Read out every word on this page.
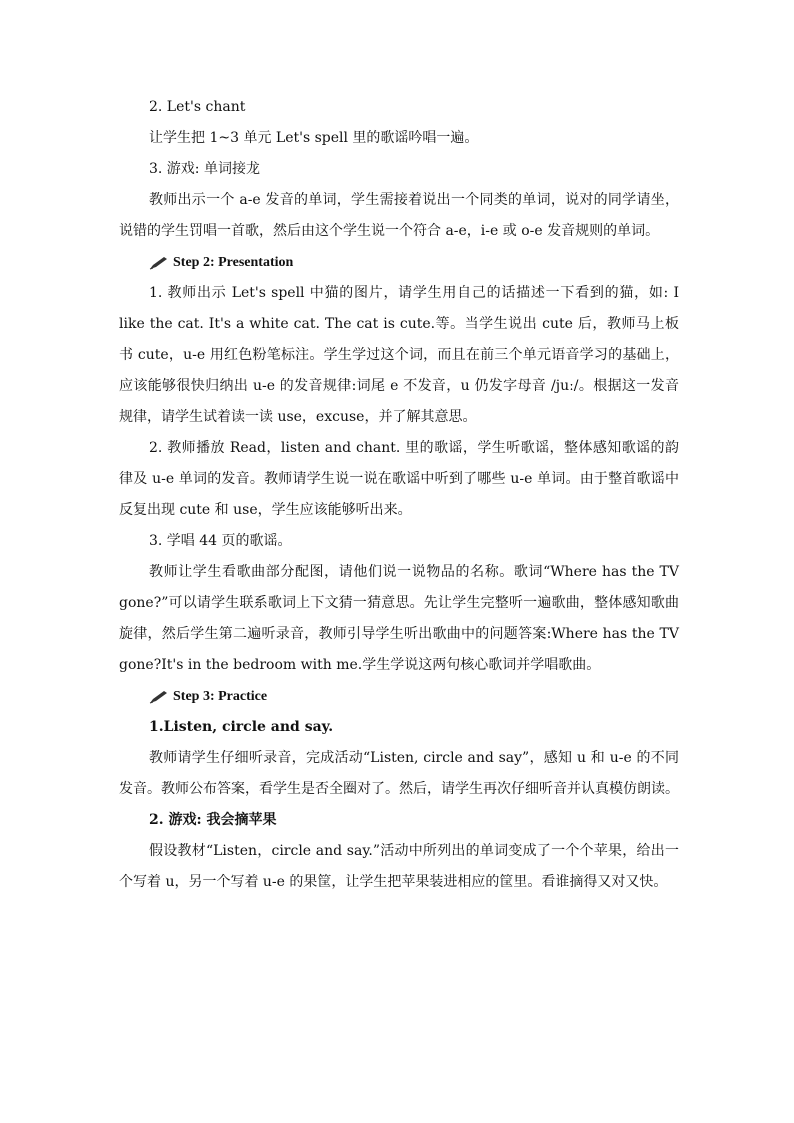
2. Let's chant

让学生把 1~3 单元 Let's spell 里的歌谣吟唱一遍。

3. 游戏: 单词接龙

教师出示一个 a-e 发音的单词，学生需接着说出一个同类的单词，说对的同学请坐，说错的学生罚唱一首歌，然后由这个学生说一个符合 a-e，i-e 或 o-e 发音规则的单词。

Step 2: Presentation

1. 教师出示 Let's spell 中猫的图片，请学生用自己的话描述一下看到的猫，如: I like the cat. It's a white cat. The cat is cute.等。当学生说出 cute 后，教师马上板书 cute，u-e 用红色粉笔标注。学生学过这个词，而且在前三个单元语音学习的基础上，应该能够很快归纳出 u-e 的发音规律:词尾 e 不发音，u 仍发字母音 /juː/。根据这一发音规律，请学生试着读一读 use，excuse，并了解其意思。

2. 教师播放 Read，listen and chant. 里的歌谣，学生听歌谣，整体感知歌谣的韵律及 u-e 单词的发音。教师请学生说一说在歌谣中听到了哪些 u-e 单词。由于整首歌谣中反复出现 cute 和 use，学生应该能够听出来。

3. 学唱 44 页的歌谣。

教师让学生看歌曲部分配图，请他们说一说物品的名称。歌词“Where has the TV gone?”可以请学生联系歌词上下文猜一猜意思。先让学生完整听一遍歌曲，整体感知歌曲旋律，然后学生第二遍听录音，教师引导学生听出歌曲中的问题答案:Where has the TV gone?It's in the bedroom with me.学生学说这两句核心歌词并学唱歌曲。

Step 3: Practice

1.Listen, circle and say.

教师请学生仔细听录音，完成活动“Listen, circle and say”，感知 u 和 u-e 的不同发音。教师公布答案，看学生是否全圈对了。然后，请学生再次仔细听音并认真模仿朗读。

2. 游戏: 我会摘苹果

假设教材“Listen，circle and say.”活动中所列出的单词变成了一个个苹果，给出一个写着 u，另一个写着 u-e 的果筐，让学生把苹果装进相应的筐里。看谁摘得又对又快。
